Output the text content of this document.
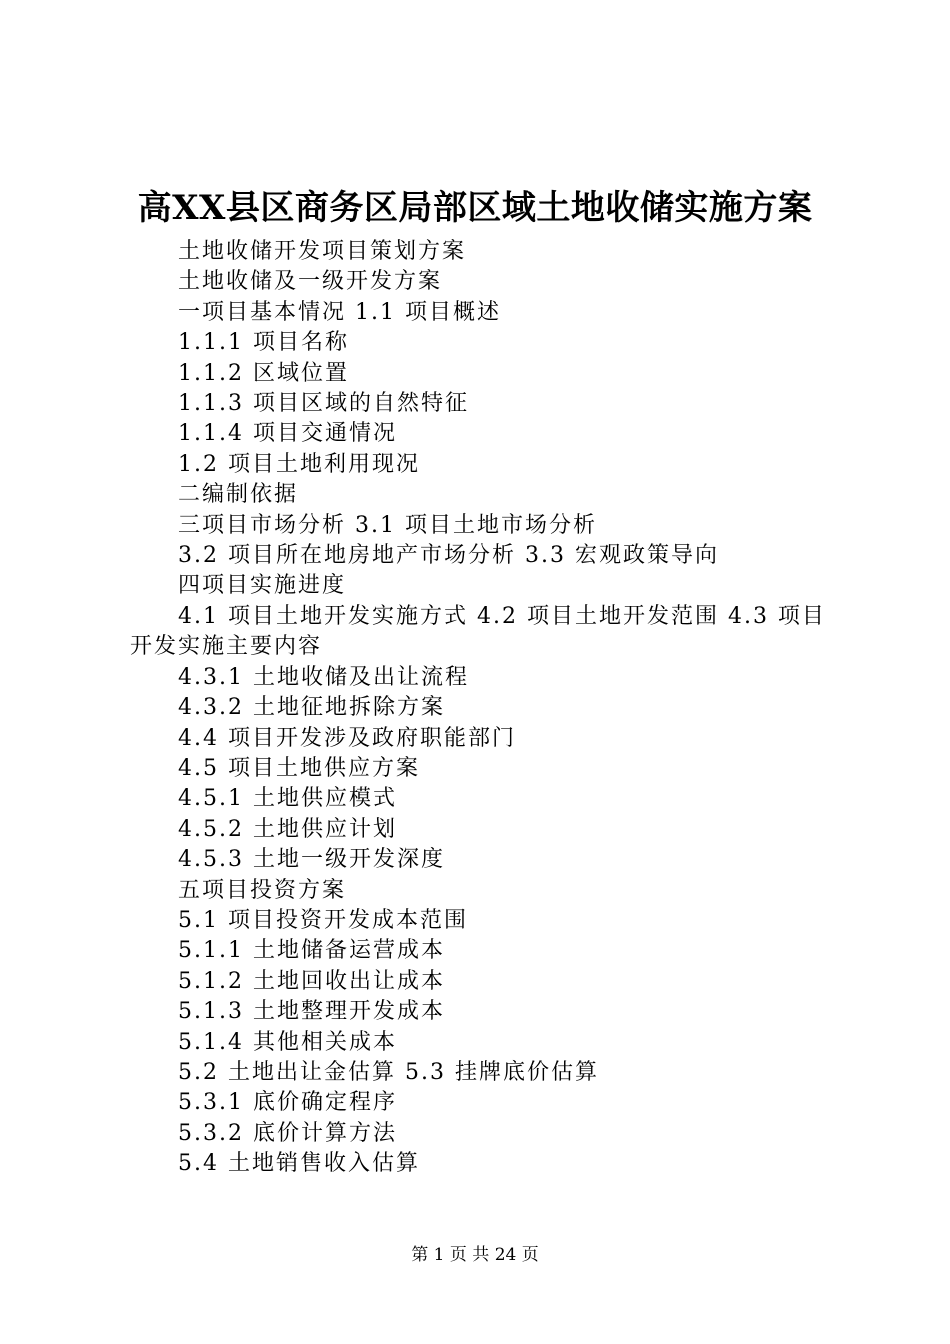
高XX县区商务区局部区域土地收储实施方案
土地收储开发项目策划方案
土地收储及一级开发方案
一项目基本情况 1.1 项目概述
1.1.1 项目名称
1.1.2 区域位置
1.1.3 项目区域的自然特征
1.1.4 项目交通情况
1.2 项目土地利用现况
二编制依据
三项目市场分析 3.1 项目土地市场分析
3.2 项目所在地房地产市场分析 3.3 宏观政策导向
四项目实施进度
4.1 项目土地开发实施方式 4.2 项目土地开发范围 4.3 项目开发实施主要内容
4.3.1 土地收储及出让流程
4.3.2 土地征地拆除方案
4.4 项目开发涉及政府职能部门
4.5 项目土地供应方案
4.5.1 土地供应模式
4.5.2 土地供应计划
4.5.3 土地一级开发深度
五项目投资方案
5.1 项目投资开发成本范围
5.1.1 土地储备运营成本
5.1.2 土地回收出让成本
5.1.3 土地整理开发成本
5.1.4 其他相关成本
5.2 土地出让金估算 5.3 挂牌底价估算
5.3.1 底价确定程序
5.3.2 底价计算方法
5.4 土地销售收入估算
第 1 页 共 24 页
